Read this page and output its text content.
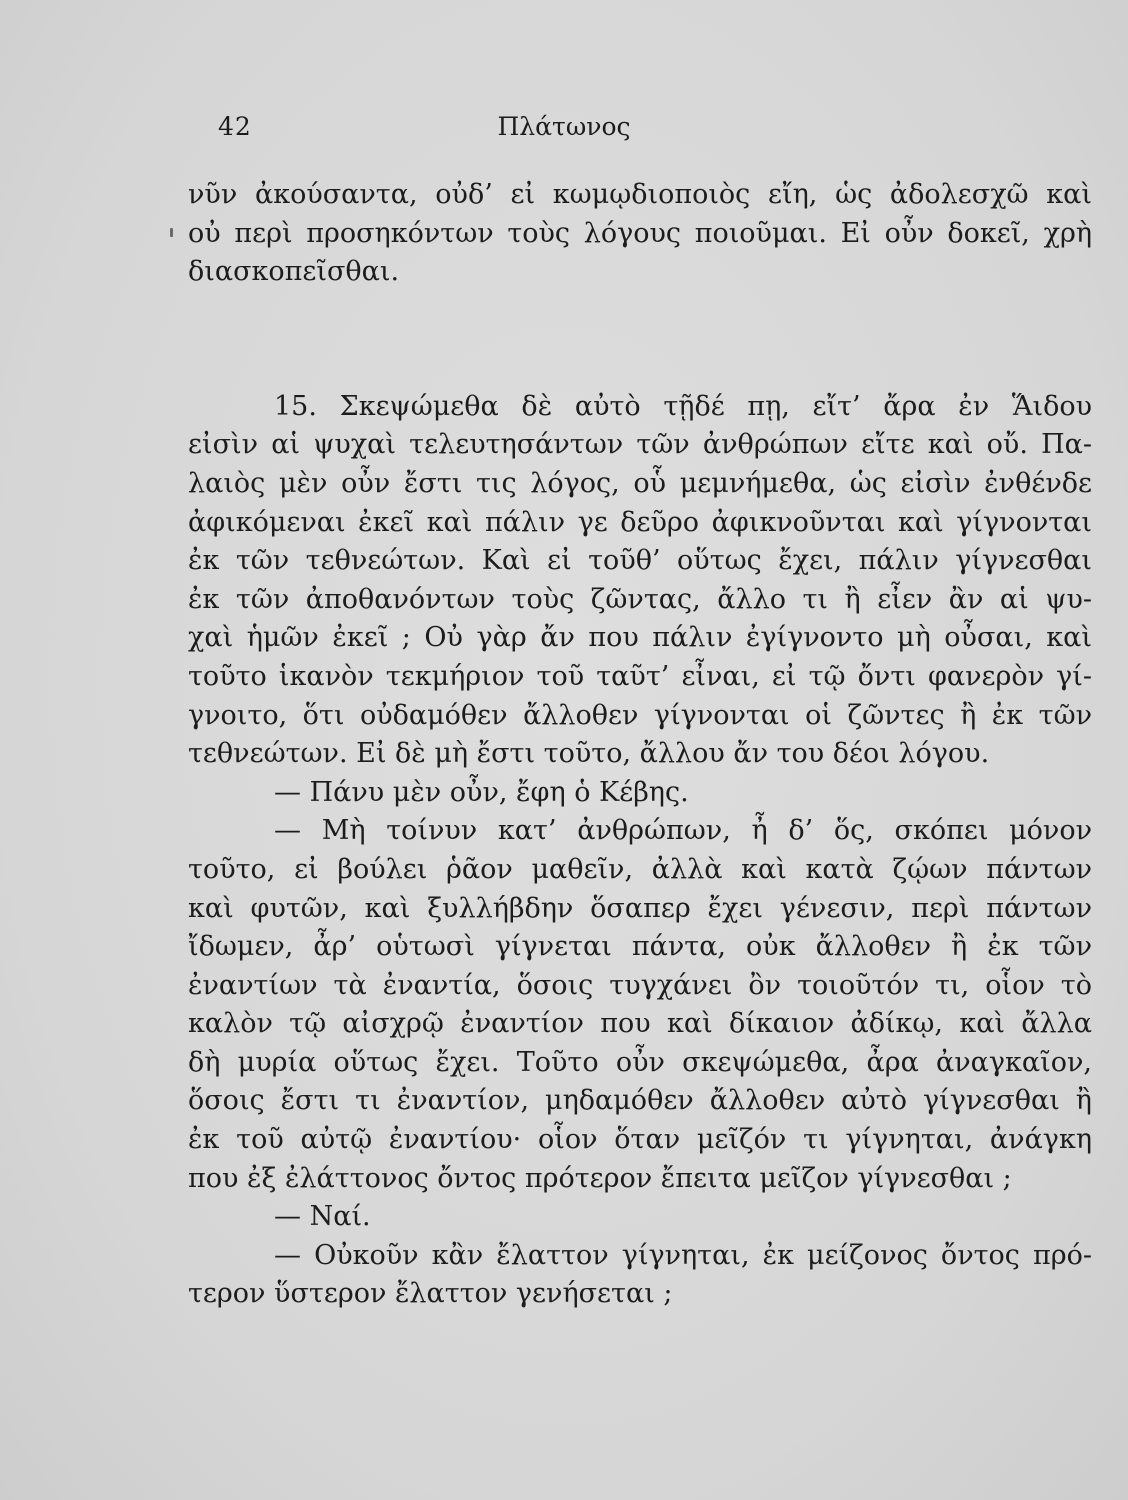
42	Πλάτωνος
νῦν ἀκούσαντα, οὐδ’ εἰ κωμῳδιοποιὸς εἴη, ὡς ἀδολεσχῶ καὶ
οὐ περὶ προσηκόντων τοὺς λόγους ποιοῦμαι. Εἰ οὖν δοκεῖ, χρὴ
διασκοπεῖσθαι.
15. Σκεψώμεθα δὲ αὐτὸ τῇδέ πῃ, εἴτ’ ἄρα ἐν Ἅιδου
εἰσὶν αἱ ψυχαὶ τελευτησάντων τῶν ἀνθρώπων εἴτε καὶ οὔ. Πα-
λαιὸς μὲν οὖν ἔστι τις λόγος, οὗ μεμνήμεθα, ὡς εἰσὶν ἐνθένδε
ἀφικόμεναι ἐκεῖ καὶ πάλιν γε δεῦρο ἀφικνοῦνται καὶ γίγνονται
ἐκ τῶν τεθνεώτων. Καὶ εἰ τοῦθ’ οὕτως ἔχει, πάλιν γίγνεσθαι
ἐκ τῶν ἀποθανόντων τοὺς ζῶντας, ἄλλο τι ἢ εἶεν ἂν αἱ ψυ-
χαὶ ἡμῶν ἐκεῖ ; Οὐ γὰρ ἄν που πάλιν ἐγίγνοντο μὴ οὖσαι, καὶ
τοῦτο ἱκανὸν τεκμήριον τοῦ ταῦτ’ εἶναι, εἰ τῷ ὄντι φανερὸν γί-
γνοιτο, ὅτι οὐδαμόθεν ἄλλοθεν γίγνονται οἱ ζῶντες ἢ ἐκ τῶν
τεθνεώτων. Εἰ δὲ μὴ ἔστι τοῦτο, ἄλλου ἄν του δέοι λόγου.
— Πάνυ μὲν οὖν, ἔφη ὁ Κέβης.
— Μὴ τοίνυν κατ’ ἀνθρώπων, ἦ δ’ ὅς, σκόπει μόνον
τοῦτο, εἰ βούλει ῥᾶον μαθεῖν, ἀλλὰ καὶ κατὰ ζῴων πάντων
καὶ φυτῶν, καὶ ξυλλήβδην ὅσαπερ ἔχει γένεσιν, περὶ πάντων
ἴδωμεν, ἆρ’ οὑτωσὶ γίγνεται πάντα, οὐκ ἄλλοθεν ἢ ἐκ τῶν
ἐναντίων τὰ ἐναντία, ὅσοις τυγχάνει ὂν τοιοῦτόν τι, οἷον τὸ
καλὸν τῷ αἰσχρῷ ἐναντίον που καὶ δίκαιον ἀδίκῳ, καὶ ἄλλα
δὴ μυρία οὕτως ἔχει. Τοῦτο οὖν σκεψώμεθα, ἆρα ἀναγκαῖον,
ὅσοις ἔστι τι ἐναντίον, μηδαμόθεν ἄλλοθεν αὐτὸ γίγνεσθαι ἢ
ἐκ τοῦ αὐτῷ ἐναντίου· οἷον ὅταν μεῖζόν τι γίγνηται, ἀνάγκη
που ἐξ ἐλάττονος ὄντος πρότερον ἔπειτα μεῖζον γίγνεσθαι ;
— Ναί.
— Οὐκοῦν κἂν ἔλαττον γίγνηται, ἐκ μείζονος ὄντος πρό-
τερον ὕστερον ἔλαττον γενήσεται ;
